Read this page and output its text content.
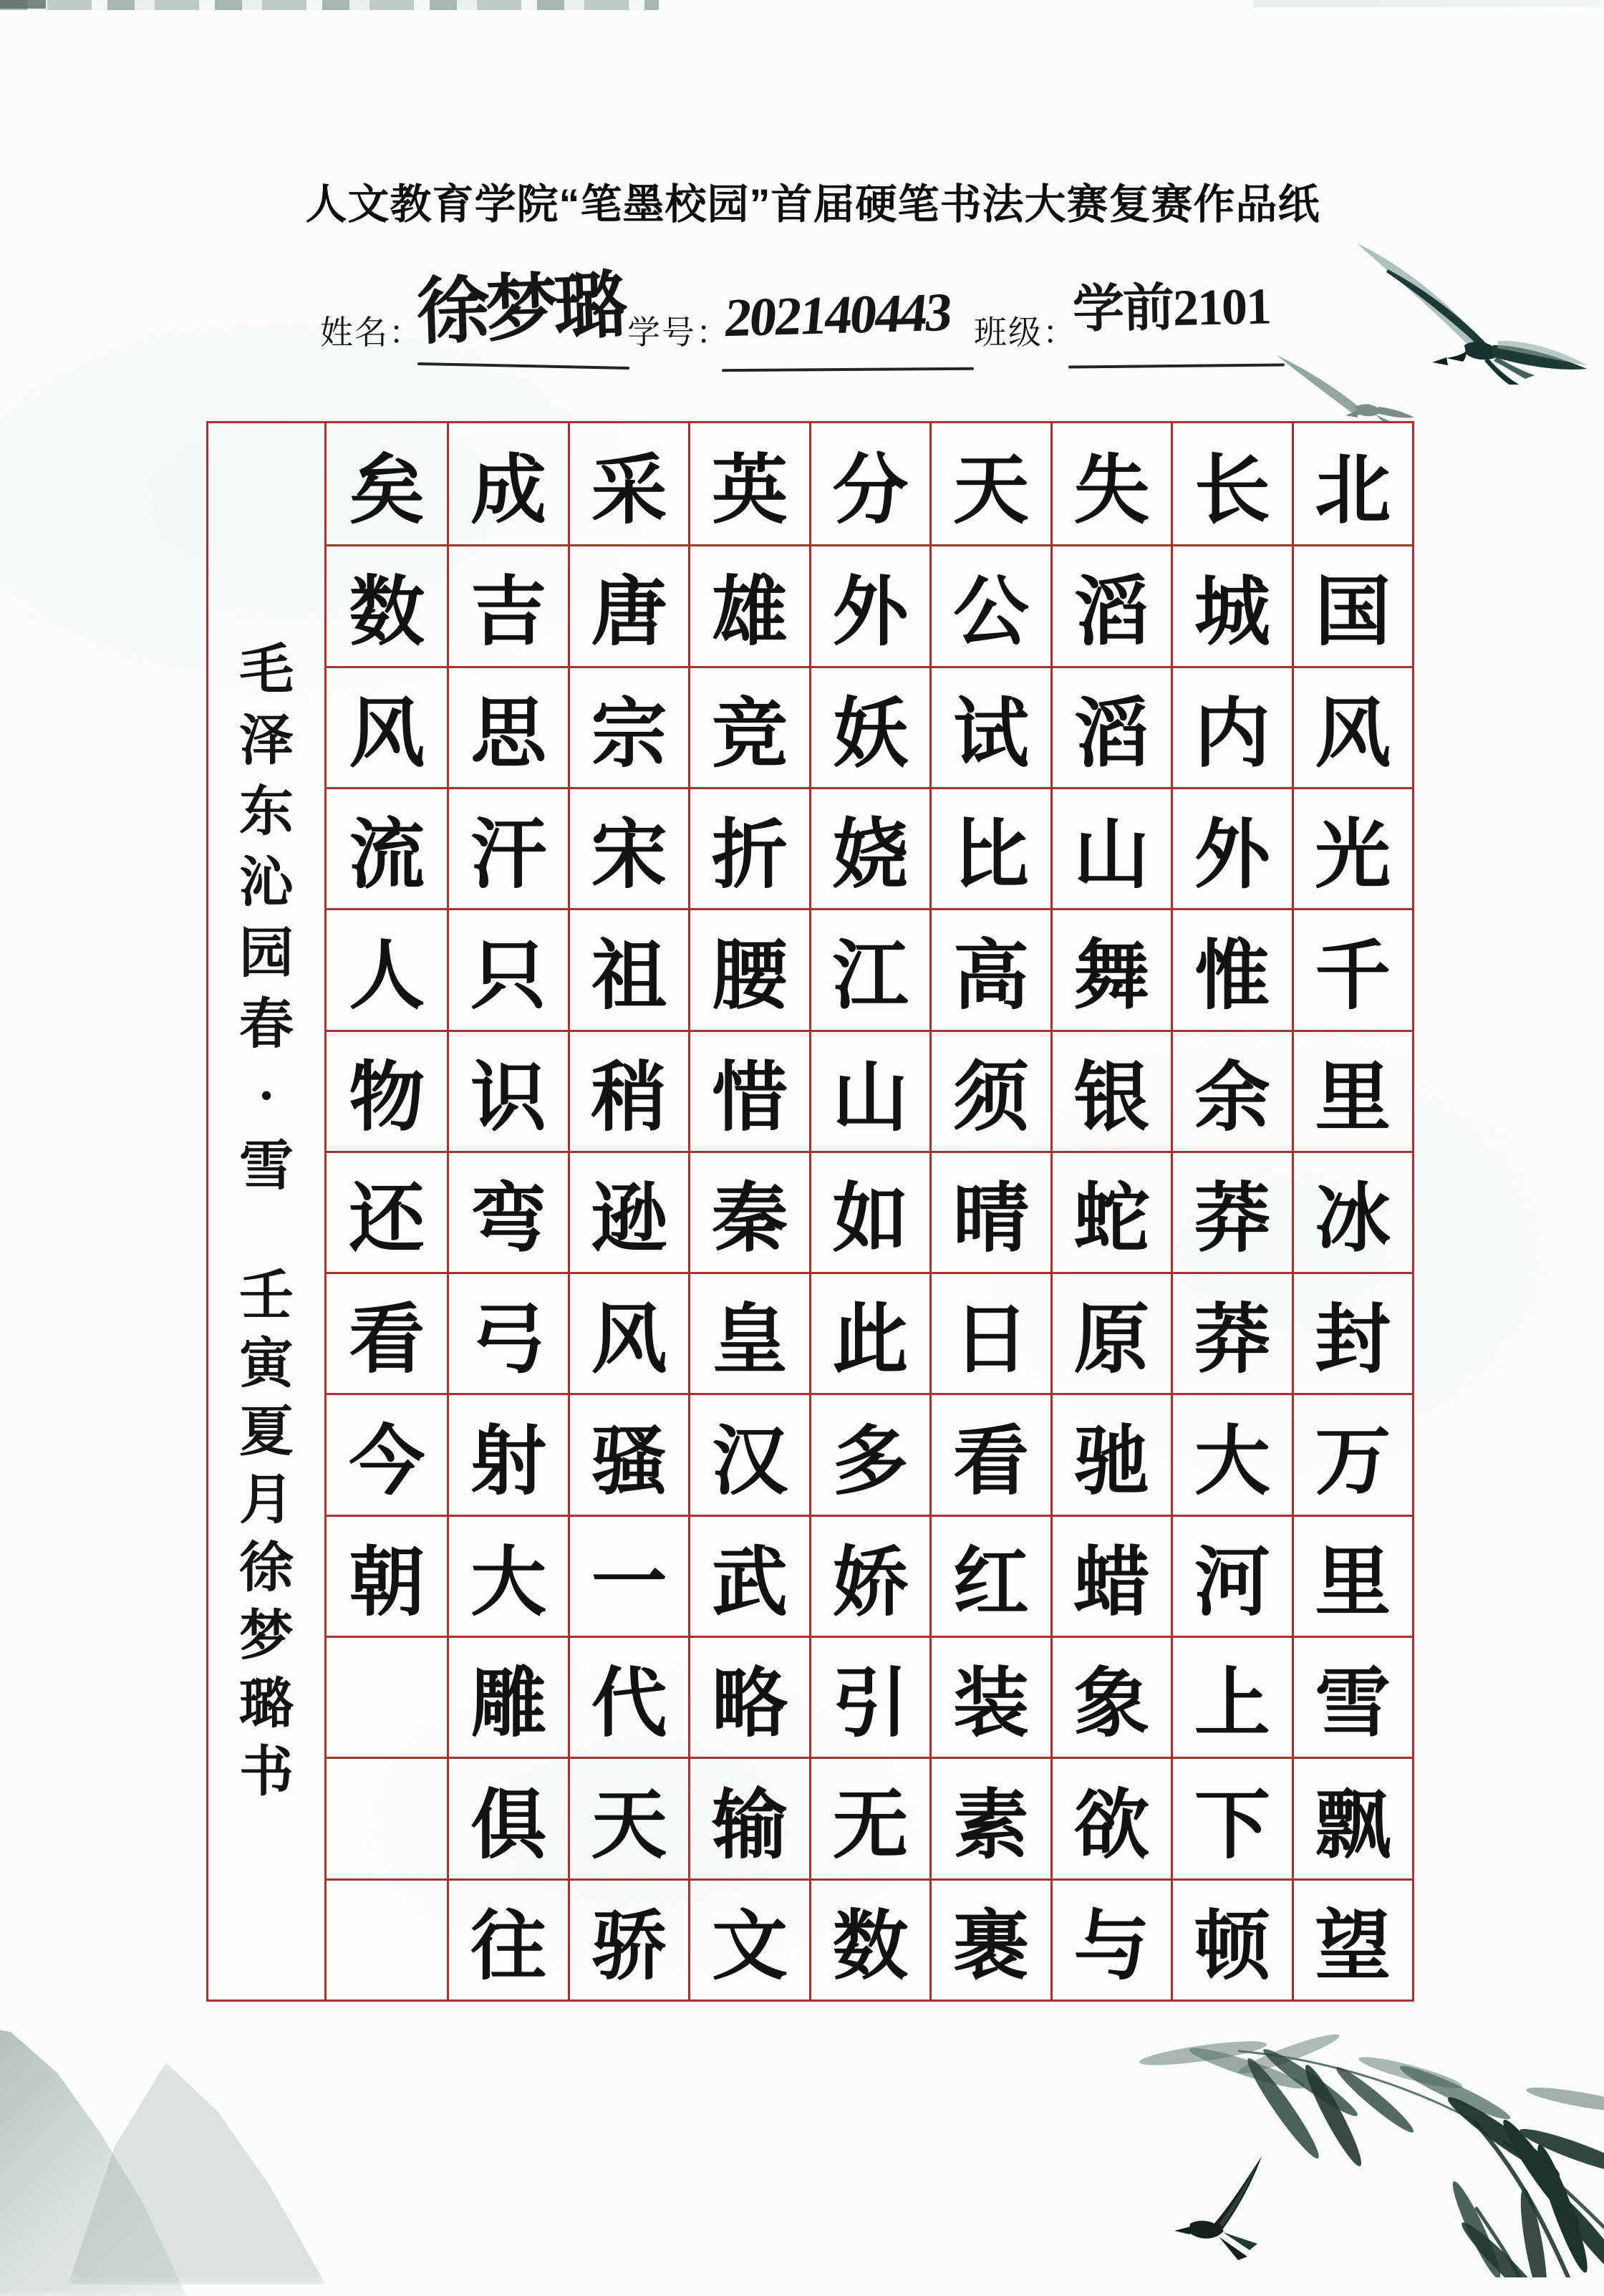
人文教育学院“笔墨校园”首届硬笔书法大赛复赛作品纸
姓名：
徐梦璐 学号：
202140443 班级：
学前2101
毛
泽
东
沁
园
春
·
雪
壬
寅
夏
月
徐
梦
璐
书
矣 成 采 英 分 天 失 长 北
数 吉 唐 雄 外 公 滔 城 国
风 思 宗 竞 妖 试 滔 内 风
流 汗 宋 折 娆 比 山 外 光
人 只 祖 腰 江 高 舞 惟 千
物 识 稍 惜 山 须 银 余 里
还 弯 逊 秦 如 晴 蛇 莽 冰
看 弓 风 皇 此 日 原 莽 封
今 射 骚 汉 多 看 驰 大 万
朝 大 一 武 娇 红 蜡 河 里
雕 代 略 引 装 象 上 雪
俱 天 输 无 素 欲 下 飘
往 骄 文 数 裹 与 顿 望
